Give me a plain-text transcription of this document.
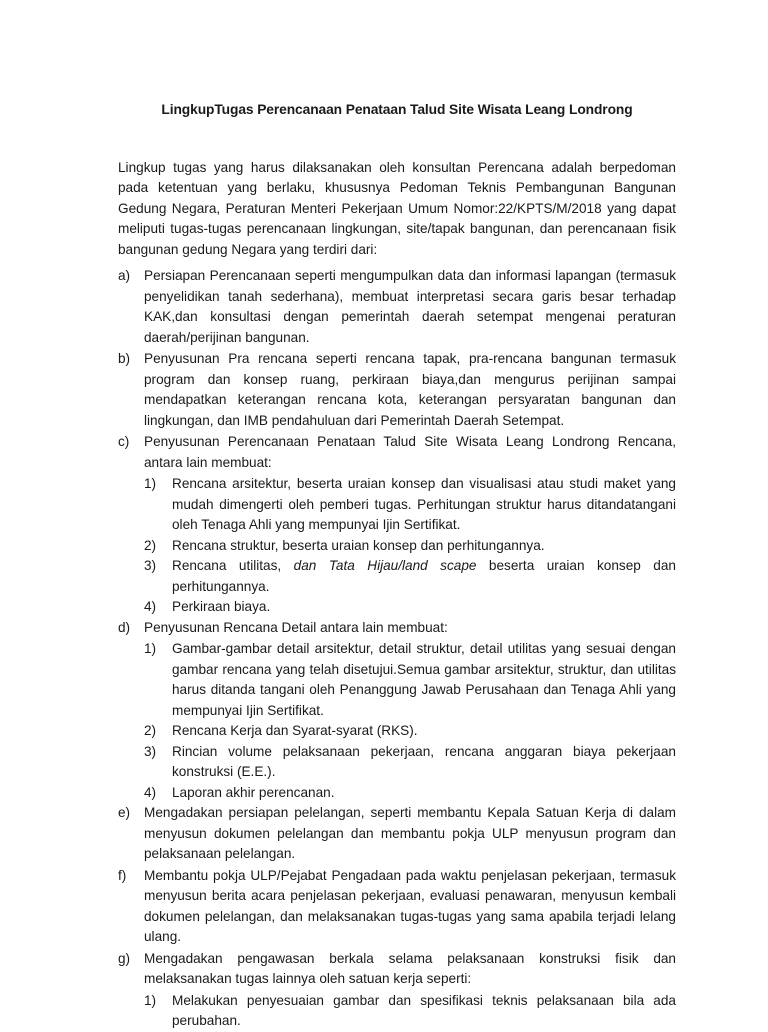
LingkupTugas Perencanaan Penataan Talud Site Wisata Leang Londrong
Lingkup tugas yang harus dilaksanakan oleh konsultan Perencana adalah berpedoman pada ketentuan yang berlaku, khususnya Pedoman Teknis Pembangunan Bangunan Gedung Negara, Peraturan Menteri Pekerjaan Umum Nomor:22/KPTS/M/2018 yang dapat meliputi tugas-tugas perencanaan lingkungan, site/tapak bangunan, dan perencanaan fisik bangunan gedung Negara yang terdiri dari:
a) Persiapan Perencanaan seperti mengumpulkan data dan informasi lapangan (termasuk penyelidikan tanah sederhana), membuat interpretasi secara garis besar terhadap KAK,dan konsultasi dengan pemerintah daerah setempat mengenai peraturan daerah/perijinan bangunan.
b) Penyusunan Pra rencana seperti rencana tapak, pra-rencana bangunan termasuk program dan konsep ruang, perkiraan biaya,dan mengurus perijinan sampai mendapatkan keterangan rencana kota, keterangan persyaratan bangunan dan lingkungan, dan IMB pendahuluan dari Pemerintah Daerah Setempat.
c) Penyusunan Perencanaan Penataan Talud Site Wisata Leang Londrong Rencana, antara lain membuat:
1) Rencana arsitektur, beserta uraian konsep dan visualisasi atau studi maket yang mudah dimengerti oleh pemberi tugas. Perhitungan struktur harus ditandatangani oleh Tenaga Ahli yang mempunyai Ijin Sertifikat.
2) Rencana struktur, beserta uraian konsep dan perhitungannya.
3) Rencana utilitas, dan Tata Hijau/land scape beserta uraian konsep dan perhitungannya.
4) Perkiraan biaya.
d) Penyusunan Rencana Detail antara lain membuat:
1) Gambar-gambar detail arsitektur, detail struktur, detail utilitas yang sesuai dengan gambar rencana yang telah disetujui.Semua gambar arsitektur, struktur, dan utilitas harus ditanda tangani oleh Penanggung Jawab Perusahaan dan Tenaga Ahli yang mempunyai Ijin Sertifikat.
2) Rencana Kerja dan Syarat-syarat (RKS).
3) Rincian volume pelaksanaan pekerjaan, rencana anggaran biaya pekerjaan konstruksi (E.E.).
4) Laporan akhir perencanan.
e) Mengadakan persiapan pelelangan, seperti membantu Kepala Satuan Kerja di dalam menyusun dokumen pelelangan dan membantu pokja ULP menyusun program dan pelaksanaan pelelangan.
f) Membantu pokja ULP/Pejabat Pengadaan pada waktu penjelasan pekerjaan, termasuk menyusun berita acara penjelasan pekerjaan, evaluasi penawaran, menyusun kembali dokumen pelelangan, dan melaksanakan tugas-tugas yang sama apabila terjadi lelang ulang.
g) Mengadakan pengawasan berkala selama pelaksanaan konstruksi fisik dan melaksanakan tugas lainnya oleh satuan kerja seperti:
1) Melakukan penyesuaian gambar dan spesifikasi teknis pelaksanaan bila ada perubahan.
